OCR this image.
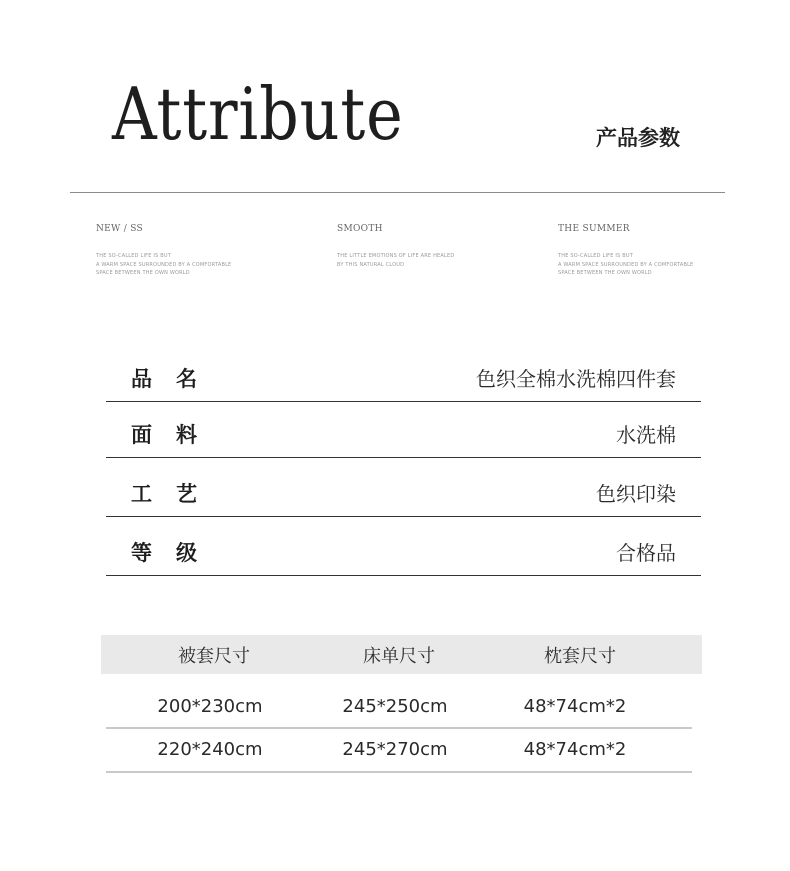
Attribute	产品参数
NEW / SS
THE SO-CALLED LIFE IS BUT
A WARM SPACE SURROUNDED BY A COMFORTABLE
SPACE BETWEEN THE OWN WORLD
SMOOTH
THE LITTLE EMOTIONS OF LIFE ARE HEALED
BY THIS NATURAL CLOUD
THE SUMMER
THE SO-CALLED LIFE IS BUT
A WARM SPACE SURROUNDED BY A COMFORTABLE
SPACE BETWEEN THE OWN WORLD
品名	色织全棉水洗棉四件套
面料	水洗棉
工艺	色织印染
等级	合格品
被套尺寸	床单尺寸	枕套尺寸
200*230cm	245*250cm	48*74cm*2
220*240cm	245*270cm	48*74cm*2
